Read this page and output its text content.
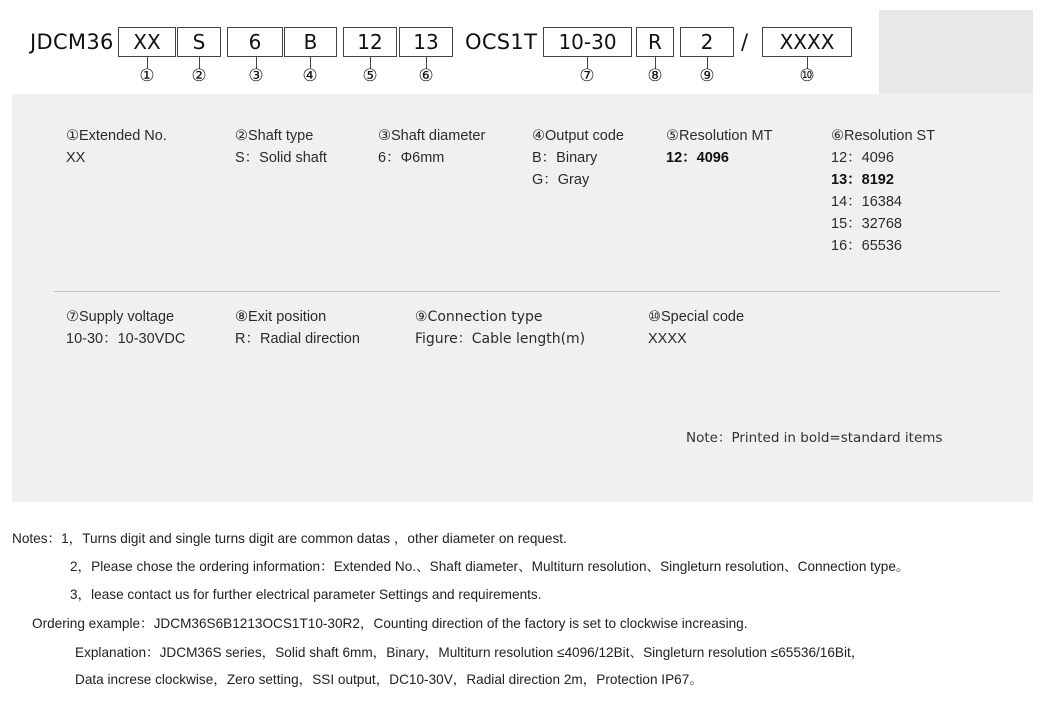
JDCM36 XX
①
S
②
6
③
B
④
12
⑤
13
⑥
OCS1T	10-30
⑦
R
⑧
2
⑨
/	XXXX
⑩
①Extended No.
XX
②Shaft type
S：Solid shaft
③Shaft diameter
6：Φ6mm
④Output code
B：Binary
G：Gray
⑤Resolution MT
12：4096
⑥Resolution ST
12：4096
13：8192
14：16384
15：32768
16：65536
⑦Supply voltage
10-30：10-30VDC
⑧Exit position
R：Radial direction
⑨Connection type
Figure：Cable length(m)
⑩Special code
XXXX
Note：Printed in bold=standard items
Notes：1，Turns digit and single turns digit are common datas ，other diameter on request.
2，Please chose the ordering information：Extended No.、Shaft diameter、Multiturn resolution、Singleturn resolution、Connection type。
3，lease contact us for further electrical parameter Settings and requirements.
Ordering example：JDCM36S6B1213OCS1T10-30R2，Counting direction of the factory is set to clockwise increasing.
Explanation：JDCM36S series，Solid shaft 6mm，Binary，Multiturn resolution ≤4096/12Bit、Singleturn resolution ≤65536/16Bit，
Data increse clockwise，Zero setting，SSI output，DC10-30V，Radial direction 2m，Protection IP67。
